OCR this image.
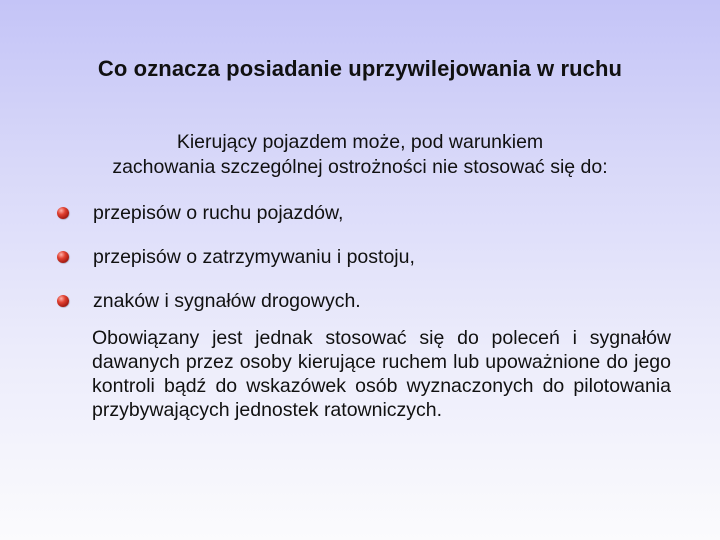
Co oznacza posiadanie uprzywilejowania w ruchu
Kierujący pojazdem może, pod warunkiem
zachowania szczególnej ostrożności nie stosować się do:
przepisów o ruchu pojazdów,
przepisów o zatrzymywaniu i postoju,
znaków i sygnałów drogowych.

Obowiązany jest jednak stosować się do poleceń i sygnałów dawanych przez osoby kierujące ruchem lub upoważnione do jego kontroli bądź do wskazówek osób wyznaczonych do pilotowania przybywających jednostek ratowniczych.
